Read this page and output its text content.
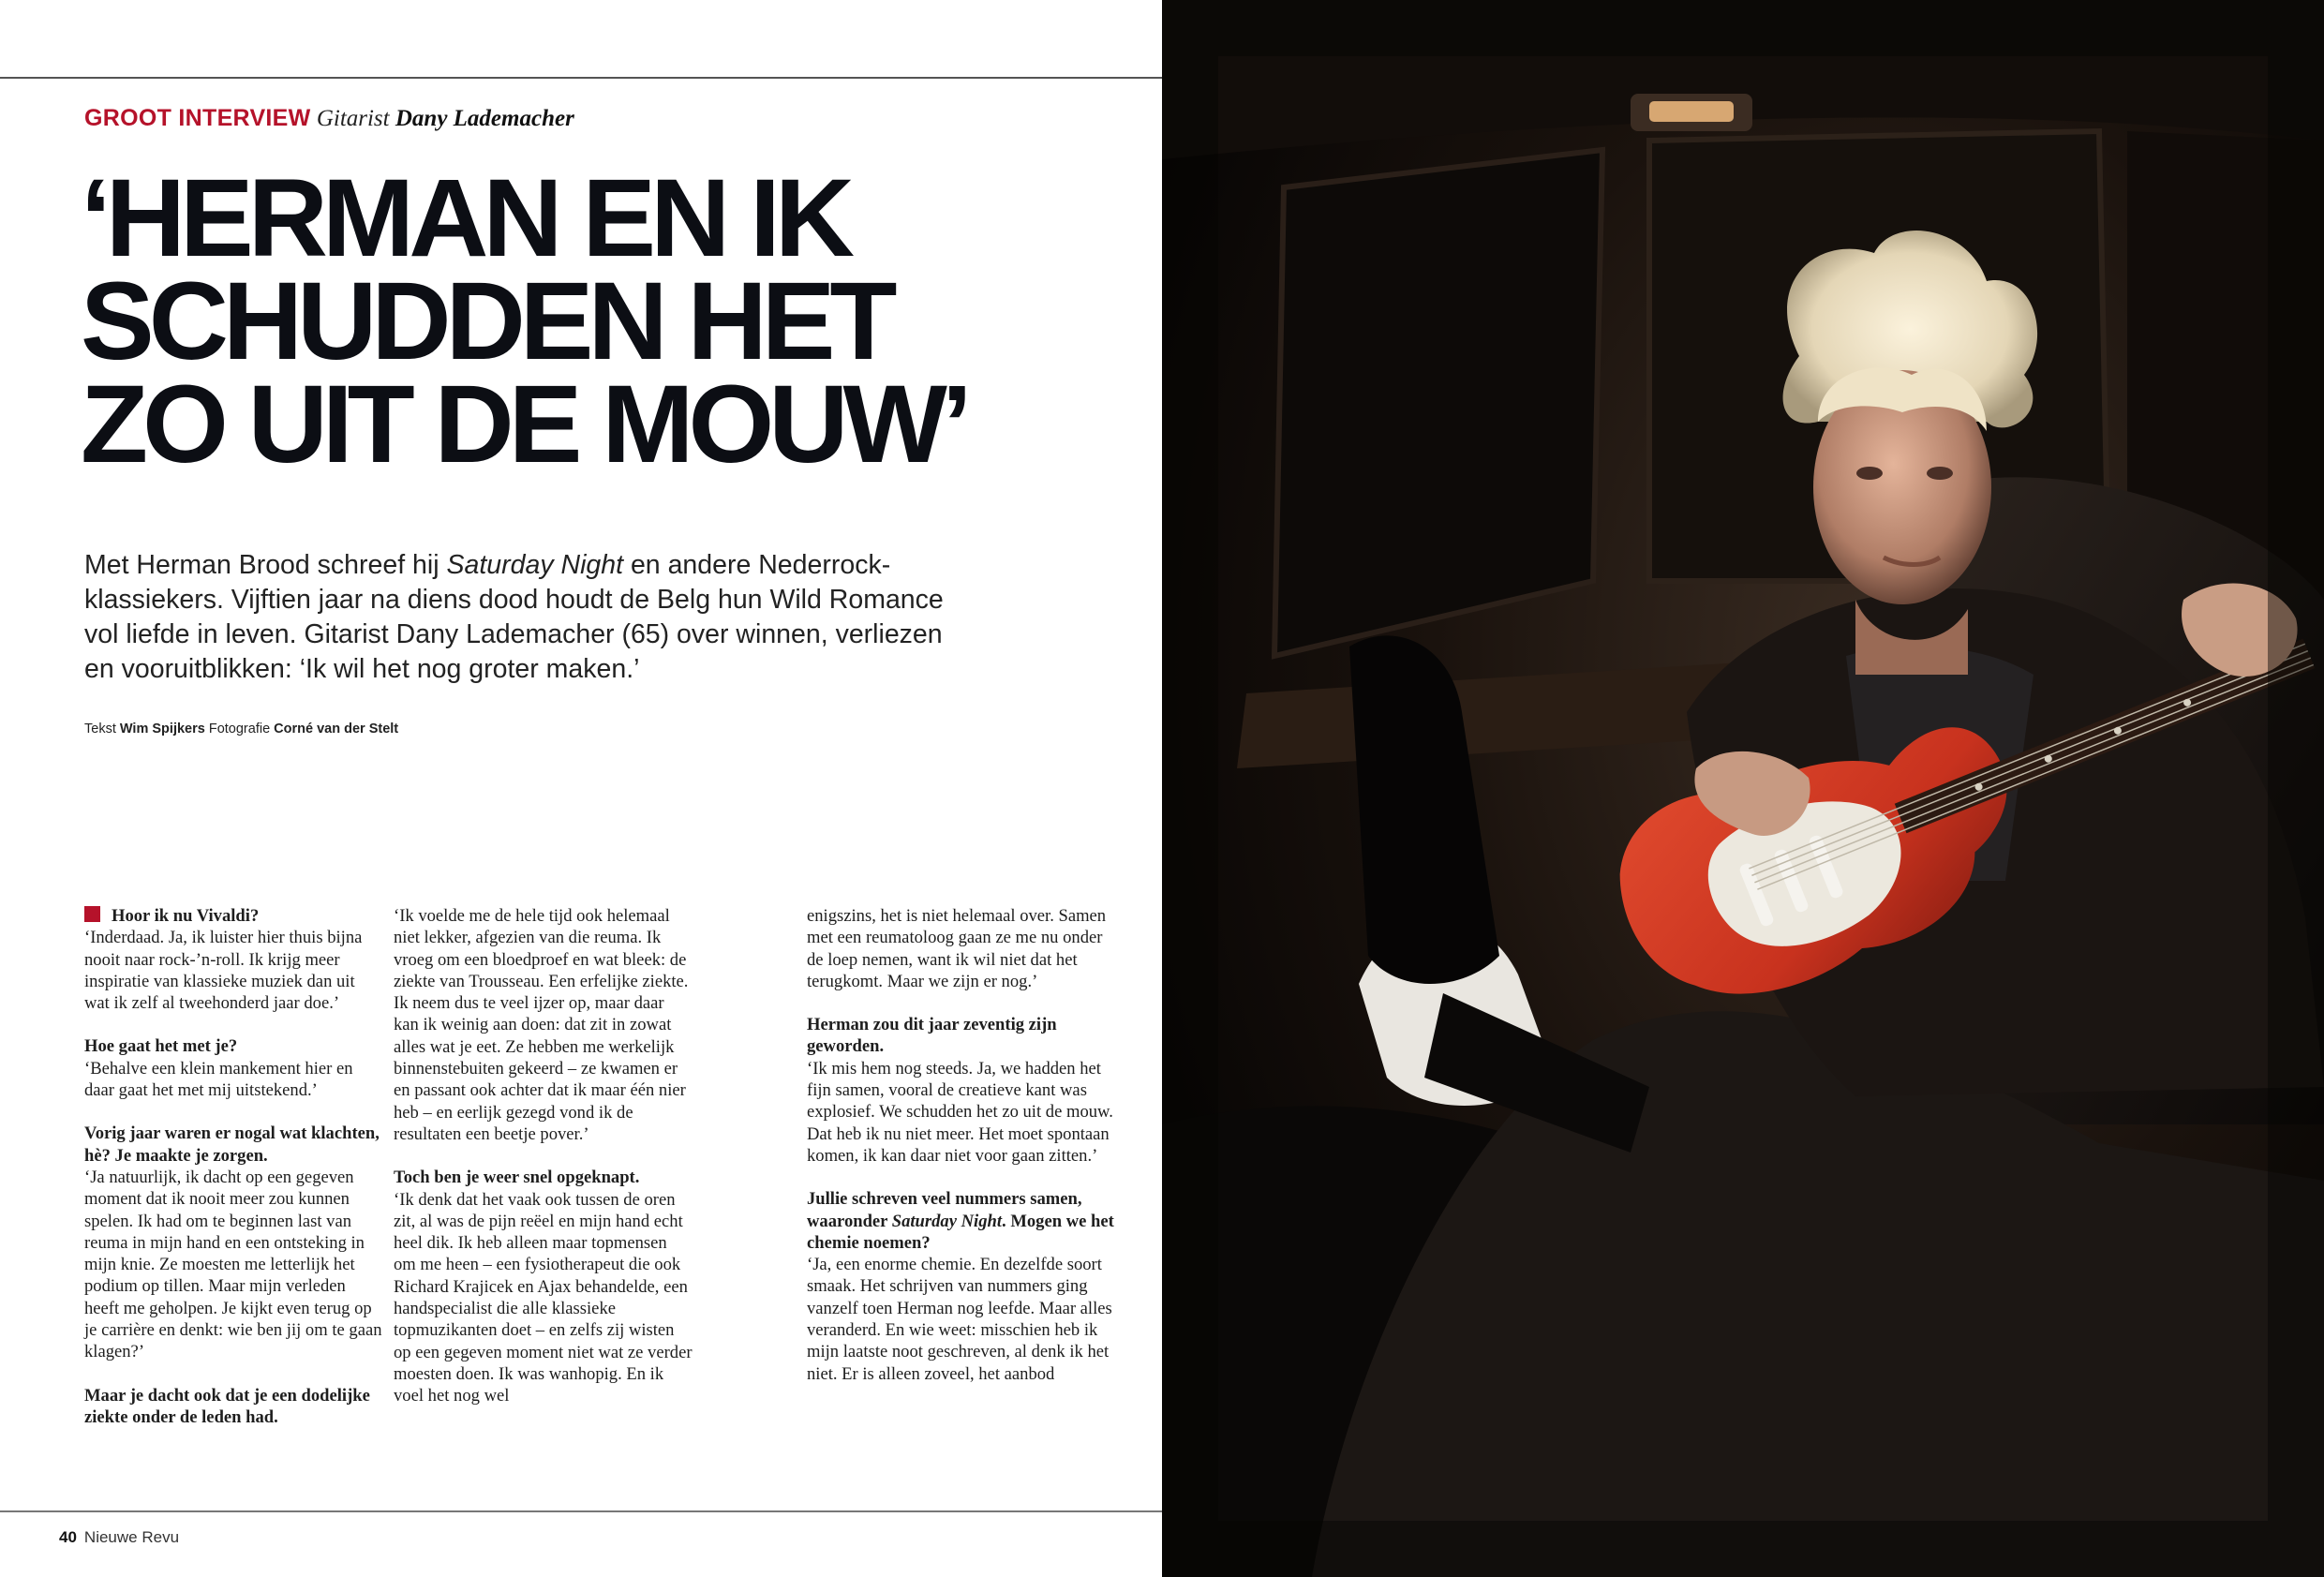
GROOT INTERVIEW Gitarist Dany Lademacher
‘HERMAN EN IK
SCHUDDEN HET
ZO UIT DE MOUW’

Met Herman Brood schreef hij Saturday Night en andere Nederrock-klassiekers. Vijftien jaar na diens dood houdt de Belg hun Wild Romance vol liefde in leven. Gitarist Dany Lademacher (65) over winnen, verliezen en vooruitblikken: ‘Ik wil het nog groter maken.’

Tekst Wim Spijkers Fotografie Corné van der Stelt

Hoor ik nu Vivaldi?
‘Inderdaad. Ja, ik luister hier thuis bijna nooit naar rock-’n-roll. Ik krijg meer inspiratie van klassieke muziek dan uit wat ik zelf al tweehonderd jaar doe.’

Hoe gaat het met je?
‘Behalve een klein mankement hier en daar gaat het met mij uitstekend.’

Vorig jaar waren er nogal wat klachten, hè? Je maakte je zorgen.
‘Ja natuurlijk, ik dacht op een gegeven moment dat ik nooit meer zou kunnen spelen. Ik had om te beginnen last van reuma in mijn hand en een ontsteking in mijn knie. Ze moesten me letterlijk het podium op tillen. Maar mijn verleden heeft me geholpen. Je kijkt even terug op je carrière en denkt: wie ben jij om te gaan klagen?’

Maar je dacht ook dat je een dodelijke ziekte onder de leden had.

‘Ik voelde me de hele tijd ook helemaal niet lekker, afgezien van die reuma. Ik vroeg om een bloedproef en wat bleek: de ziekte van Trousseau. Een erfelijke ziekte. Ik neem dus te veel ijzer op, maar daar kan ik weinig aan doen: dat zit in zowat alles wat je eet. Ze hebben me werkelijk binnenstebuiten gekeerd – ze kwamen er en passant ook achter dat ik maar één nier heb – en eerlijk gezegd vond ik de resultaten een beetje pover.’

Toch ben je weer snel opgeknapt.
‘Ik denk dat het vaak ook tussen de oren zit, al was de pijn reëel en mijn hand echt heel dik. Ik heb alleen maar topmensen om me heen – een fysiotherapeut die ook Richard Krajicek en Ajax behandelde, een handspecialist die alle klassieke topmuzikanten doet – en zelfs zij wisten op een gegeven moment niet wat ze verder moesten doen. Ik was wanhopig. En ik voel het nog wel

enigszins, het is niet helemaal over. Samen met een reumatoloog gaan ze me nu onder de loep nemen, want ik wil niet dat het terugkomt. Maar we zijn er nog.’

Herman zou dit jaar zeventig zijn geworden.
‘Ik mis hem nog steeds. Ja, we hadden het fijn samen, vooral de creatieve kant was explosief. We schudden het zo uit de mouw. Dat heb ik nu niet meer. Het moet spontaan komen, ik kan daar niet voor gaan zitten.’

Jullie schreven veel nummers samen, waaronder Saturday Night. Mogen we het chemie noemen?
‘Ja, een enorme chemie. En dezelfde soort smaak. Het schrijven van nummers ging vanzelf toen Herman nog leefde. Maar alles veranderd. En wie weet: misschien heb ik mijn laatste noot geschreven, al denk ik het niet. Er is alleen zoveel, het aanbod

40 Nieuwe Revu
